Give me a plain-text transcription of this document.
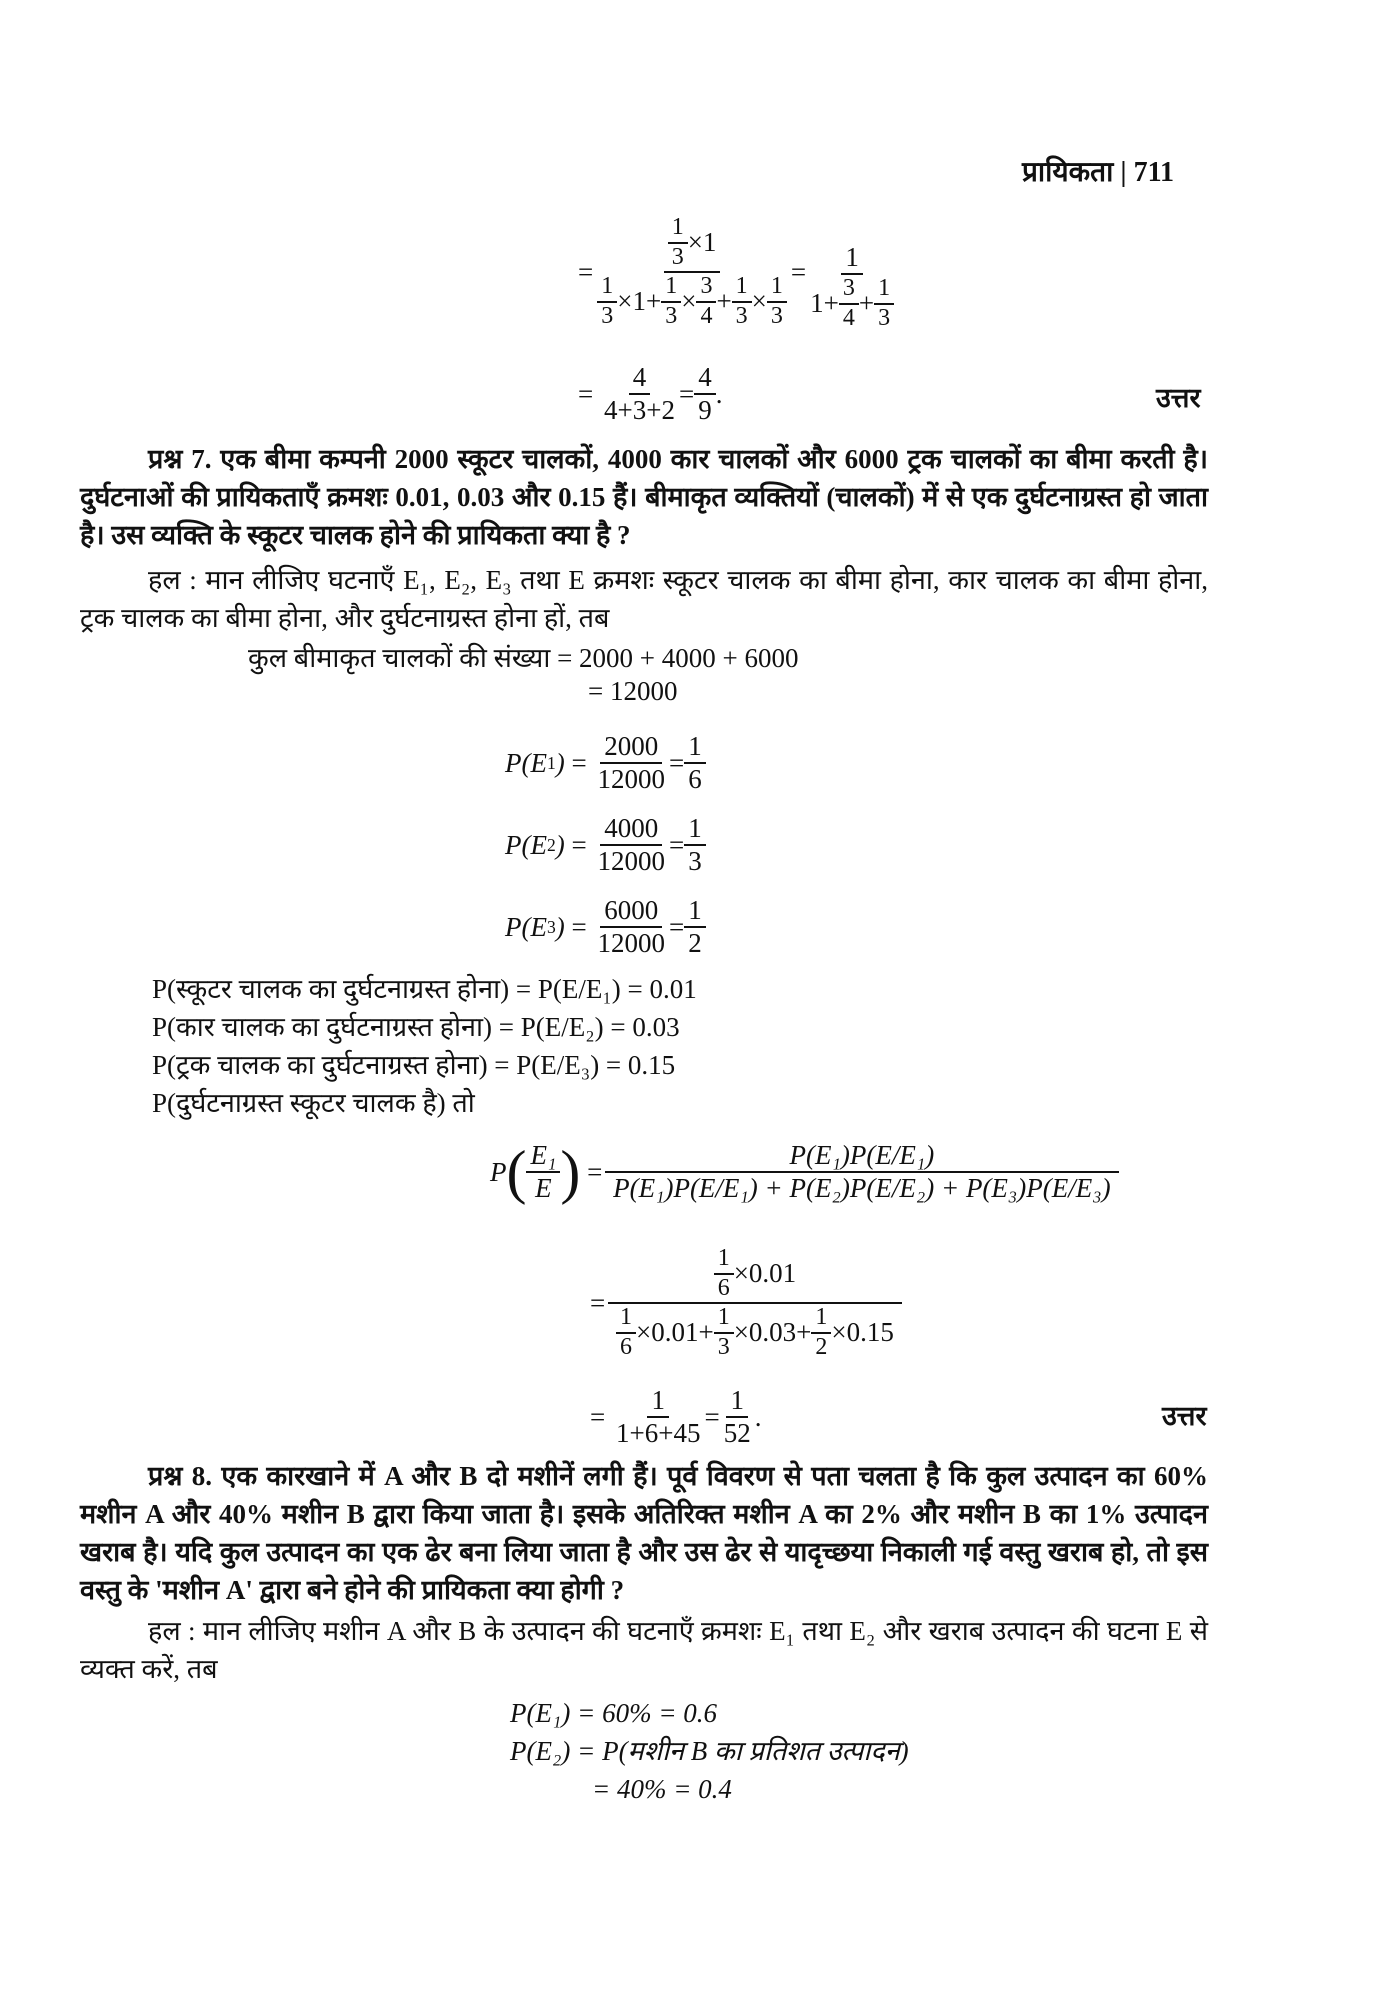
प्रायिकता | 711
= $\frac{\frac{1}{3} \times 1}{\frac{1}{3} \times 1+ \frac{1}{3} \times \frac{3}{4} + \frac{1}{3} \times \frac{1}{3}} = \frac{1}{1+ \frac{3}{4} + \frac{1}{3}}$
=
$\frac{4}{4+3+2} = \frac{4}{9}$ .	उत्तर
प्रश्न 7. एक बीमा कम्पनी 2000 स्कूटर चालकों, 4000 कार चालकों और 6000 ट्रक चालकों का बीमा करती है। दुर्घटनाओं की प्रायिकताएँ क्रमशः 0.01, 0.03 और 0.15 हैं। बीमाकृत व्यक्तियों (चालकों) में से एक दुर्घटनाग्रस्त हो जाता है। उस व्यक्ति के स्कूटर चालक होने की प्रायिकता क्या है ?
हल : मान लीजिए घटनाएँ E₁, E₂, E₃ तथा E क्रमशः स्कूटर चालक का बीमा होना, कार चालक का बीमा होना, ट्रक चालक का बीमा होना, और दुर्घटनाग्रस्त होना हों, तब
कुल बीमाकृत चालकों की संख्या = 2000 + 4000 + 6000
= 12000
P(E 1 ) = $\frac{2000}{12000} = \frac{1}{6}$
P(E 2 ) = $\frac{4000}{12000} = \frac{1}{3}$
P(E 3 ) = $\frac{6000}{12000} = \frac{1}{2}$
P(स्कूटर चालक का दुर्घटनाग्रस्त होना) = P(E/E₁) = 0.01
P(कार चालक का दुर्घटनाग्रस्त होना) = P(E/E₂) = 0.03
P(ट्रक चालक का दुर्घटनाग्रस्त होना) = P(E/E₃) = 0.15
P(दुर्घटनाग्रस्त स्कूटर चालक है) तो
P ( $\frac{\text{E₁}}{E}$ ) = $\frac{\text{P(E₁)P(E/E₁)}}{\text{P(E₁)P(E/E₁) + P(E₂)P(E/E₂) + P(E₃)P(E/E₃)}}$
= $\frac{\frac{1}{6} \times 0.01}{\frac{1}{6} \times 0.01+ \frac{1}{3} \times 0.03+ \frac{1}{2} \times 0.15}$
= $\frac{1}{1+6+45} = \frac{1}{52}$ .	उत्तर
प्रश्न 8. एक कारखाने में A और B दो मशीनें लगी हैं। पूर्व विवरण से पता चलता है कि कुल उत्पादन का 60% मशीन A और 40% मशीन B द्वारा किया जाता है। इसके अतिरिक्त मशीन A का 2% और मशीन B का 1% उत्पादन खराब है। यदि कुल उत्पादन का एक ढेर बना लिया जाता है और उस ढेर से यादृच्छया निकाली गई वस्तु खराब हो, तो इस वस्तु के 'मशीन A' द्वारा बने होने की प्रायिकता क्या होगी ?
हल : मान लीजिए मशीन A और B के उत्पादन की घटनाएँ क्रमशः E₁ तथा E₂ और खराब उत्पादन की घटना E से व्यक्त करें, तब
P(E₁) = 60% = 0.6
P(E₂) = P(मशीन B का प्रतिशत उत्पादन)
= 40% = 0.4
